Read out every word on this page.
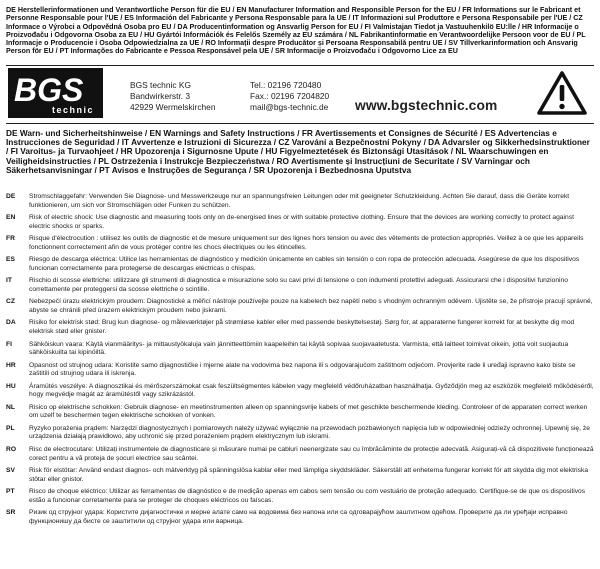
DE Herstellerinformationen und Verantwortliche Person für die EU / EN Manufacturer Information and Responsible Person for the EU / FR Informations sur le Fabricant et Personne Responsable pour l'UE / ES Información del Fabricante y Persona Responsable para la UE / IT Informazioni sul Produttore e Persona Responsabile per l'UE / CZ Informace o Výrobci a Odpovědná Osoba pro EU / DA Producentinformation og Ansvarlig Person for EU / FI Valmistajan Tiedot ja Vastuuhenkilö EU:lle / HR Informacije o Proizvođaču i Odgovorna Osoba za EU / HU Gyártói Információk és Felelős Személy az EU számára / NL Fabrikantinformatie en Verantwoordelijke Persoon voor de EU / PL Informacje o Producencie i Osoba Odpowiedzialna za UE / RO Informații despre Producător și Persoana Responsabilă pentru UE / SV Tillverkarinformation och Ansvarig Person för EU / PT Informações do Fabricante e Pessoa Responsável pela UE / SR Informacije o Proizvođaču i Odgovorno Lice za EU
BGS
technic
BGS technic KG
Bandwirkerstr. 3
42929 Wermelskirchen
Tel.: 02196 720480
Fax.: 02196 7204820
mail@bgs-technic.de www.bgstechnic.com
DE Warn- und Sicherheitshinweise / EN Warnings and Safety Instructions / FR Avertissements et Consignes de Sécurité / ES Advertencias e Instrucciones de Seguridad / IT Avvertenze e Istruzioni di Sicurezza / CZ Varování a Bezpečnostní Pokyny / DA Advarsler og Sikkerhedsinstruktioner / FI Varoitus- ja Turvaohjeet / HR Upozorenja i Sigurnosne Upute / HU Figyelmeztetések és Biztonsági Utasítások / NL Waarschuwingen en Veiligheidsinstructies / PL Ostrzeżenia i Instrukcje Bezpieczeństwa / RO Avertismente și Instrucțiuni de Securitate / SV Varningar och Säkerhetsanvisningar / PT Avisos e Instruções de Segurança / SR Upozorenja i Bezbednosna Uputstva
DE	Stromschlaggefahr: Verwenden Sie Diagnose- und Messwerkzeuge nur an spannungsfreien Leitungen oder mit geeigneter Schutzkleidung. Achten Sie darauf, dass die Geräte korrekt funktionieren, um sich vor Stromschlägen oder Funken zu schützen.
EN	Risk of electric shock: Use diagnostic and measuring tools only on de-energised lines or with suitable protective clothing. Ensure that the devices are working correctly to protect against electric shocks or sparks.
FR	Risque d'électrocution : utilisez les outils de diagnostic et de mesure uniquement sur des lignes hors tension ou avec des vêtements de protection appropriés. Veillez à ce que les appareils fonctionnent correctement afin de vous protéger contre les chocs électriques ou les étincelles.
ES	Riesgo de descarga eléctrica: Utilice las herramientas de diagnóstico y medición únicamente en cables sin tensión o con ropa de protección adecuada. Asegúrese de que los dispositivos funcionan correctamente para protegerse de descargas eléctricas o chispas.
IT	Rischio di scosse elettriche: utilizzare gli strumenti di diagnostica e misurazione solo su cavi privi di tensione o con indumenti protettivi adeguati. Assicurarsi che i dispositivi funzionino correttamente per proteggersi da scosse elettriche o scintille.
CZ	Nebezpečí úrazu elektrickým proudem: Diagnostické a měřicí nástroje používejte pouze na kabelech bez napětí nebo s vhodným ochranným oděvem. Ujistěte se, že přístroje pracují správně, abyste se chránili před úrazem elektrickým proudem nebo jiskrami.
DA	Risiko for elektrisk stød: Brug kun diagnose- og måleværktøjer på strømløse kabler eller med passende beskyttelsestøj. Sørg for, at apparaterne fungerer korrekt for at beskytte dig mod elektrisk stød eller gnister.
FI	Sähköiskun vaara: Käytä vianmääritys- ja mittaustyökaluja vain jännitteettömiin kaapeleihin tai käytä sopivaa suojavaatetusta. Varmista, että laitteet toimivat oikein, jotta voit suojautua sähköiskuilta tai kipinöiltä.
HR	Opasnost od strujnog udara: Koristite samo dijagnostičke i mjerne alate na vodovima bez napona ili s odgovarajućom zaštitnom odjećom. Provjerite rade li uređaji ispravno kako biste se zaštitili od strujnog udara ili iskrenja.
HU	Áramütés veszélye: A diagnosztikai és mérőszerszámokat csak feszültségmentes kábelen vagy megfelelő védőruházatban használhatja. Győződjön meg az eszközök megfelelő működéséről, hogy megvédje magát az áramütéstől vagy szikrázástól.
NL	Risico op elektrische schokken: Gebruik diagnose- en meetinstrumenten alleen op spanningsvrije kabels of met geschikte beschermende kleding. Controleer of de apparaten correct werken om uzelf te beschermen tegen elektrische schokken of vonken.
PL	Ryzyko porażenia prądem: Narzędzi diagnostycznych i pomiarowych należy używać wyłącznie na przewodach pozbawionych napięcia lub w odpowiedniej odzieży ochronnej. Upewnij się, że urządzenia działają prawidłowo, aby uchronić się przed porażeniem prądem elektrycznym lub iskrami.
RO	Risc de electrocutare: Utilizați instrumentele de diagnosticare și măsurare numai pe cabluri neenergizate sau cu îmbrăcăminte de protecție adecvată. Asigurați-vă că dispozitivele funcționează corect pentru a vă proteja de șocuri electrice sau scântei.
SV	Risk för elstötar: Använd endast diagnos- och mätverktyg på spänningslösa kablar eller med lämpliga skyddskläder. Säkerställ att enheterna fungerar korrekt för att skydda dig mot elektriska stötar eller gnistor.
PT	Risco de choque eléctrico: Utilizar as ferramentas de diagnóstico e de medição apenas em cabos sem tensão ou com vestuário de proteção adequado. Certifique-se de que os dispositivos estão a funcionar corretamente para se proteger de choques eléctricos ou faíscas.
SR	Ризик од струјног удара: Користите дијагностичке и мерне алате само на водовима без напона или са одговарајућом заштитном одећом. Проверите да ли уређаји исправно функционишу да бисте се заштитили од струјног удара или варница.
